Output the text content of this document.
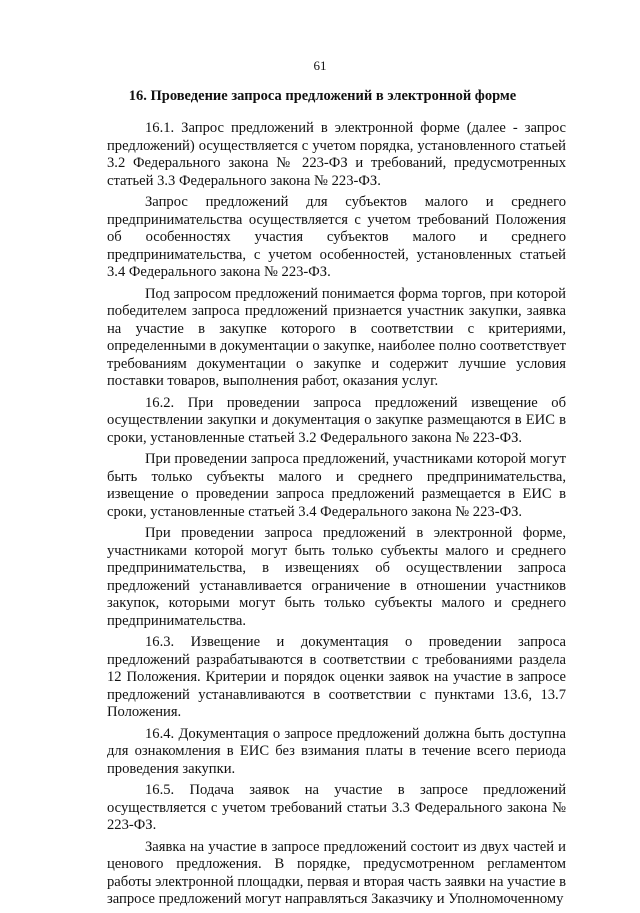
61
16. Проведение запроса предложений в электронной форме

16.1. Запрос предложений в электронной форме (далее - запрос предложений) осуществляется с учетом порядка, установленного статьей 3.2 Федерального закона № 223-ФЗ и требований, предусмотренных статьей 3.3 Федерального закона № 223-ФЗ.

Запрос предложений для субъектов малого и среднего предпринимательства осуществляется с учетом требований Положения об особенностях участия субъектов малого и среднего предпринимательства, с учетом особенностей, установленных статьей 3.4 Федерального закона № 223-ФЗ.

Под запросом предложений понимается форма торгов, при которой победителем запроса предложений признается участник закупки, заявка на участие в закупке которого в соответствии с критериями, определенными в документации о закупке, наиболее полно соответствует требованиям документации о закупке и содержит лучшие условия поставки товаров, выполнения работ, оказания услуг.

16.2. При проведении запроса предложений извещение об осуществлении закупки и документация о закупке размещаются в ЕИС в сроки, установленные статьей 3.2 Федерального закона № 223-ФЗ.

При проведении запроса предложений, участниками которой могут быть только субъекты малого и среднего предпринимательства, извещение о проведении запроса предложений размещается в ЕИС в сроки, установленные статьей 3.4 Федерального закона № 223-ФЗ.

При проведении запроса предложений в электронной форме, участниками которой могут быть только субъекты малого и среднего предпринимательства, в извещениях об осуществлении запроса предложений устанавливается ограничение в отношении участников закупок, которыми могут быть только субъекты малого и среднего предпринимательства.

16.3. Извещение и документация о проведении запроса предложений разрабатываются в соответствии с требованиями раздела 12 Положения. Критерии и порядок оценки заявок на участие в запросе предложений устанавливаются в соответствии с пунктами 13.6, 13.7 Положения.

16.4. Документация о запросе предложений должна быть доступна для ознакомления в ЕИС без взимания платы в течение всего периода проведения закупки.

16.5. Подача заявок на участие в запросе предложений осуществляется с учетом требований статьи 3.3 Федерального закона № 223-ФЗ.

Заявка на участие в запросе предложений состоит из двух частей и ценового предложения. В порядке, предусмотренном регламентом работы электронной площадки, первая и вторая часть заявки на участие в запросе предложений могут направляться Заказчику и Уполномоченному
